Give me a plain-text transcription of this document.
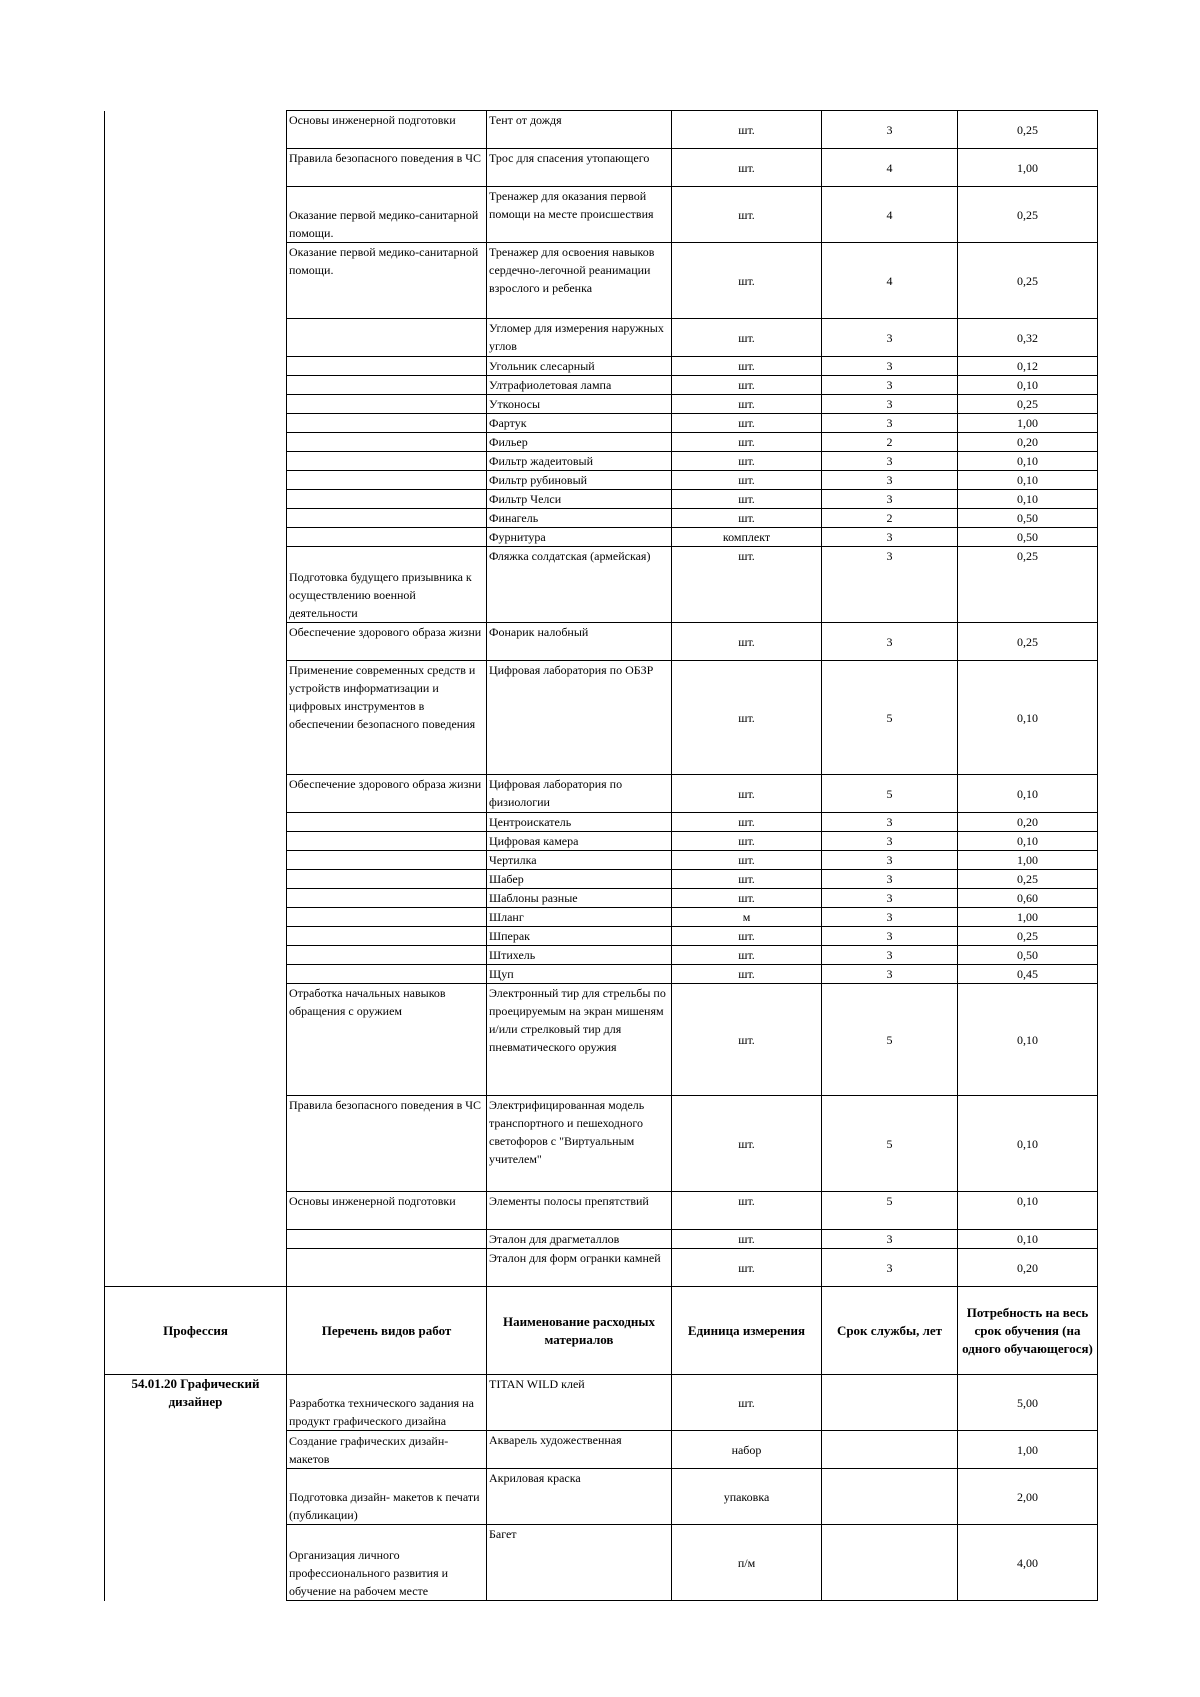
	Основы инженерной подготовки	Тент от дождя	шт.	3	0,25
	Правила безопасного поведения в ЧС	Трос для спасения утопающего	шт.	4	1,00
	Оказание первой медико-санитарной помощи.	Тренажер для оказания первой помощи на месте происшествия	шт.	4	0,25
	Оказание первой медико-санитарной помощи.	Тренажер для освоения навыков сердечно-легочной реанимации взрослого и ребенка	шт.	4	0,25
		Угломер для измерения наружных углов	шт.	3	0,32
		Угольник слесарный	шт.	3	0,12
		Ултрафиолетовая лампа	шт.	3	0,10
		Утконосы	шт.	3	0,25
		Фартук	шт.	3	1,00
		Фильер	шт.	2	0,20
		Фильтр жадеитовый	шт.	3	0,10
		Фильтр рубиновый	шт.	3	0,10
		Фильтр Челси	шт.	3	0,10
		Финагель	шт.	2	0,50
		Фурнитура	комплект	3	0,50
	Подготовка будущего призывника к осуществлению военной деятельности	Фляжка солдатская (армейская)	шт.	3	0,25
	Обеспечение здорового образа жизни	Фонарик налобный	шт.	3	0,25
	Применение современных средств и устройств информатизации и цифровых инструментов в обеспечении безопасного поведения	Цифровая лаборатория по ОБЗР	шт.	5	0,10
	Обеспечение здорового образа жизни	Цифровая лаборатория по физиологии	шт.	5	0,10
		Центроискатель	шт.	3	0,20
		Цифровая камера	шт.	3	0,10
		Чертилка	шт.	3	1,00
		Шабер	шт.	3	0,25
		Шаблоны разные	шт.	3	0,60
		Шланг	м	3	1,00
		Шперак	шт.	3	0,25
		Штихель	шт.	3	0,50
		Щуп	шт.	3	0,45
	Отработка начальных навыков обращения с оружием	Электронный тир для стрельбы по проецируемым на экран мишеням и/или стрелковый тир для пневматического оружия	шт.	5	0,10
	Правила безопасного поведения в ЧС	Электрифицированная модель транспортного и пешеходного светофоров с "Виртуальным учителем"	шт.	5	0,10
	Основы инженерной подготовки	Элементы полосы препятствий	шт.	5	0,10
		Эталон для драгметаллов	шт.	3	0,10
		Эталон для форм огранки камней	шт.	3	0,20
Профессия	Перечень видов работ	Наименование расходных материалов	Единица измерения	Срок службы, лет	Потребность на весь срок обучения (на одного обучающегося)
54.01.20 Графический дизайнер	Разработка технического задания на продукт графического дизайна	TITAN WILD клей	шт.		5,00
	Создание графических дизайн-макетов	Акварель художественная	набор		1,00
	Подготовка дизайн- макетов к печати (публикации)	Акриловая краска	упаковка		2,00
	Организация личного профессионального развития и обучение на рабочем месте	Багет	п/м		4,00
